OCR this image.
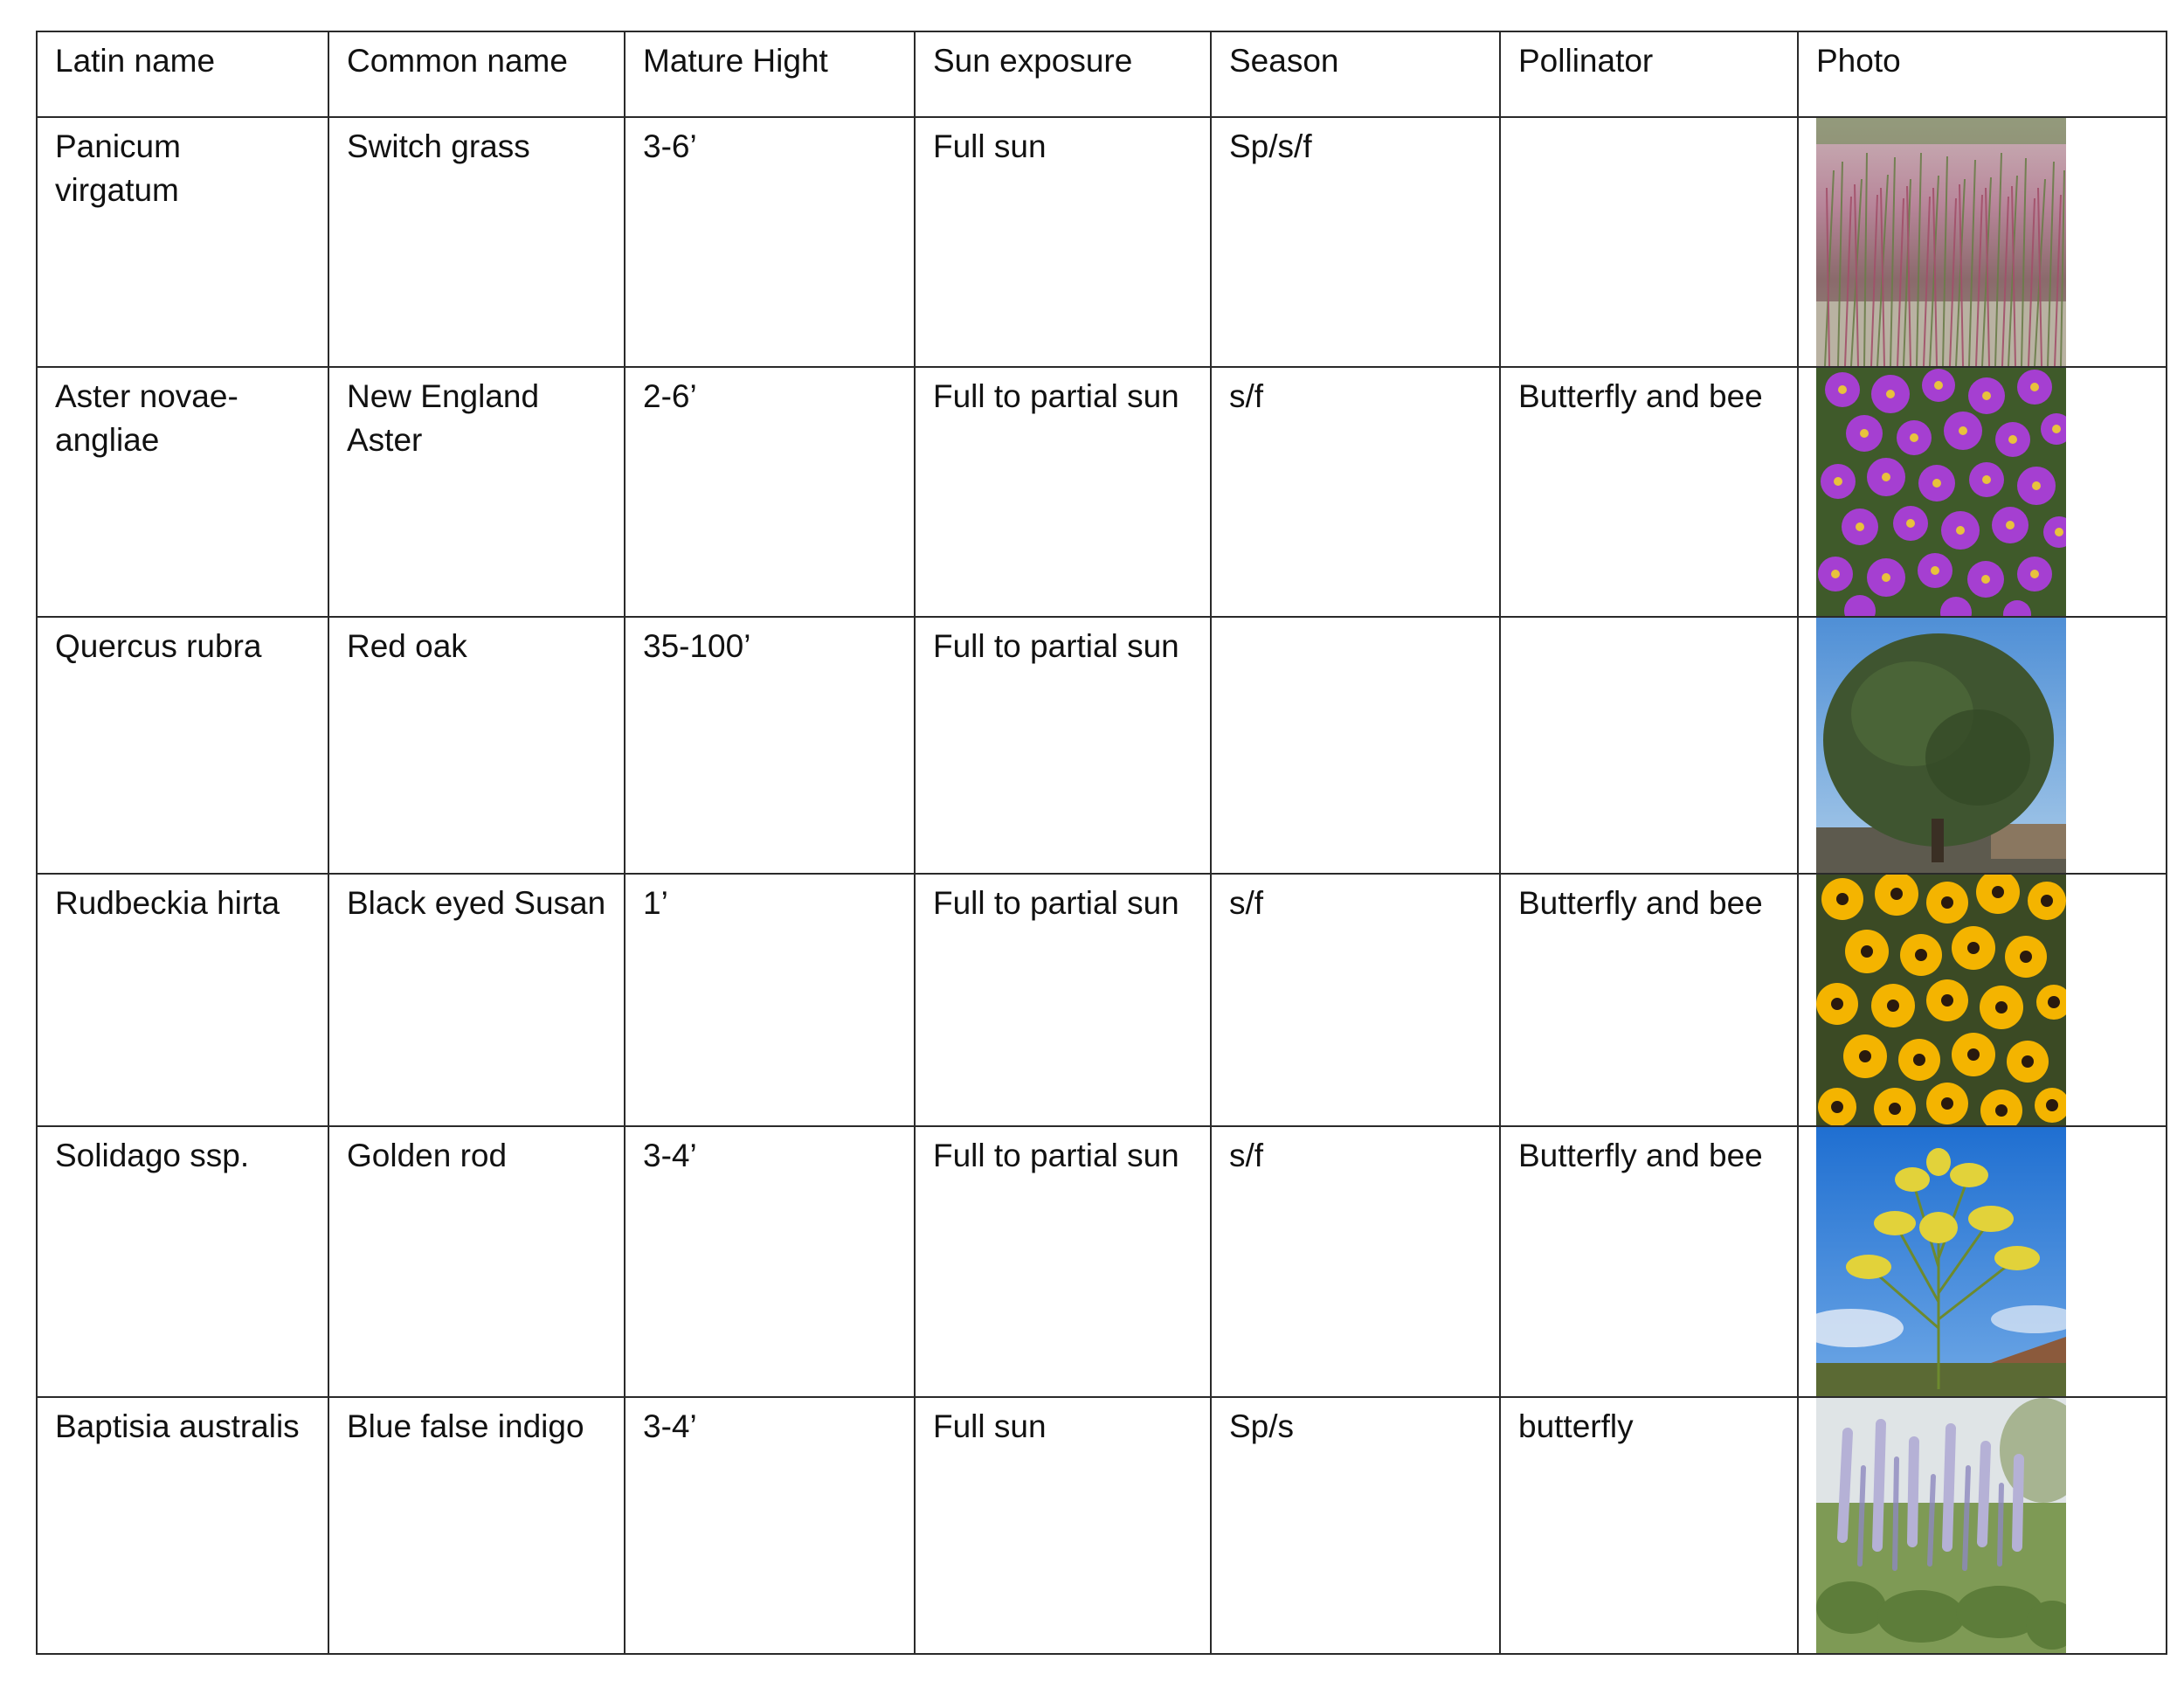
Latin name	Common name	Mature Hight	Sun exposure	Season	Pollinator	Photo
Panicum virgatum	Switch grass	3-6’	Full sun	Sp/s/f		

Aster novae-angliae	New England Aster	2-6’	Full to partial sun	s/f	Butterfly and bee	

Quercus rubra	Red oak	35-100’	Full to partial sun			

Rudbeckia hirta	Black eyed Susan	1’	Full to partial sun	s/f	Butterfly and bee	

Solidago ssp.	Golden rod	3-4’	Full to partial sun	s/f	Butterfly and bee	

Baptisia australis	Blue false indigo	3-4’	Full sun	Sp/s	butterfly	
